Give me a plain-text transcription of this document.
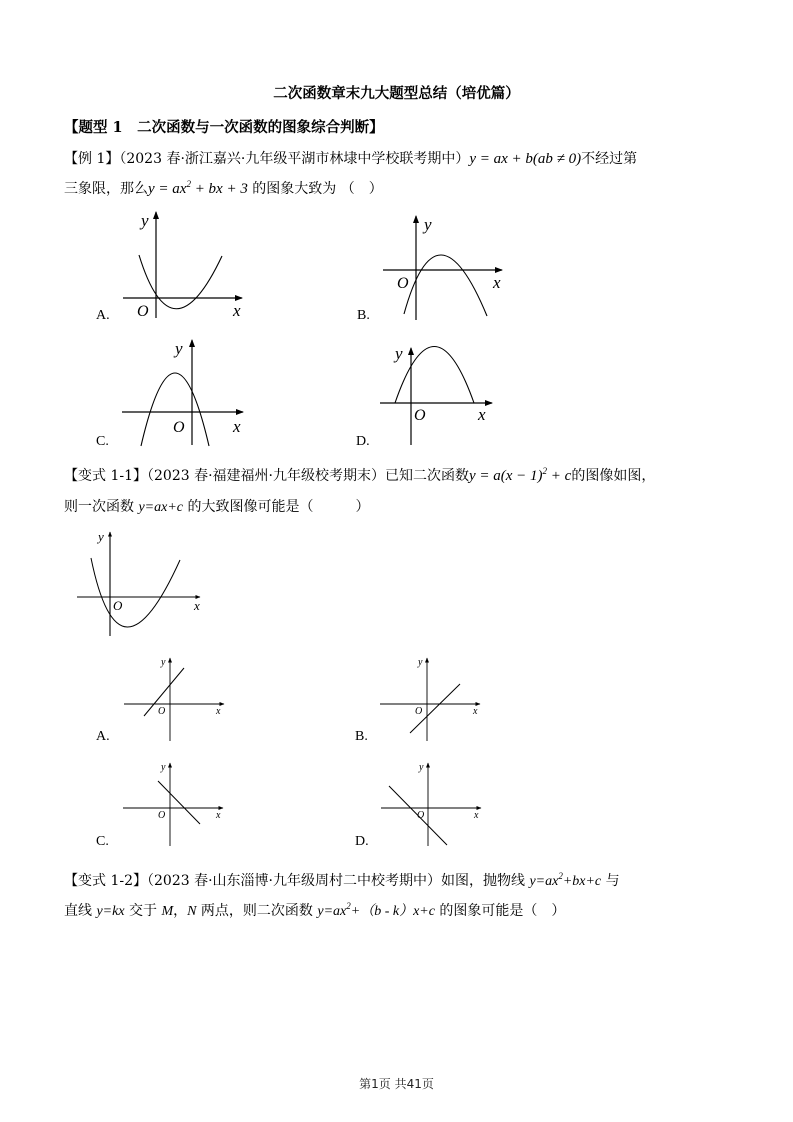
二次函数章末九大题型总结（培优篇）
【题型 1　二次函数与一次函数的图象综合判断】
【例 1】（2023 春·浙江嘉兴·九年级平湖市林埭中学校联考期中）y = ax + b(ab ≠ 0)不经过第
三象限，那么$y = ax^2$ + bx + 3 的图象大致为 （　）
y
O	x
y
O	x
y
O	x
y
O	x
y
O	x
y
O	x
y
O	x
y
O	x
y
O	x
A.	B.
C.	D.
【变式 1-1】（2023 春·福建福州·九年级校考期末）已知二次函数$y = a(x - 1)^2 + c$的图像如图，
则一次函数 y=ax+c 的大致图像可能是（　　　）
A.	B.
C.	D.
【变式 1-2】（2023 春·山东淄博·九年级周村二中校考期中）如图，抛物线 $y=ax^2+bx+c$ 与
直线 y=kx 交于 M，N 两点，则二次函数 $y=ax^2+(b - k)x+c$ 的图象可能是（　）
第1页 共41页
